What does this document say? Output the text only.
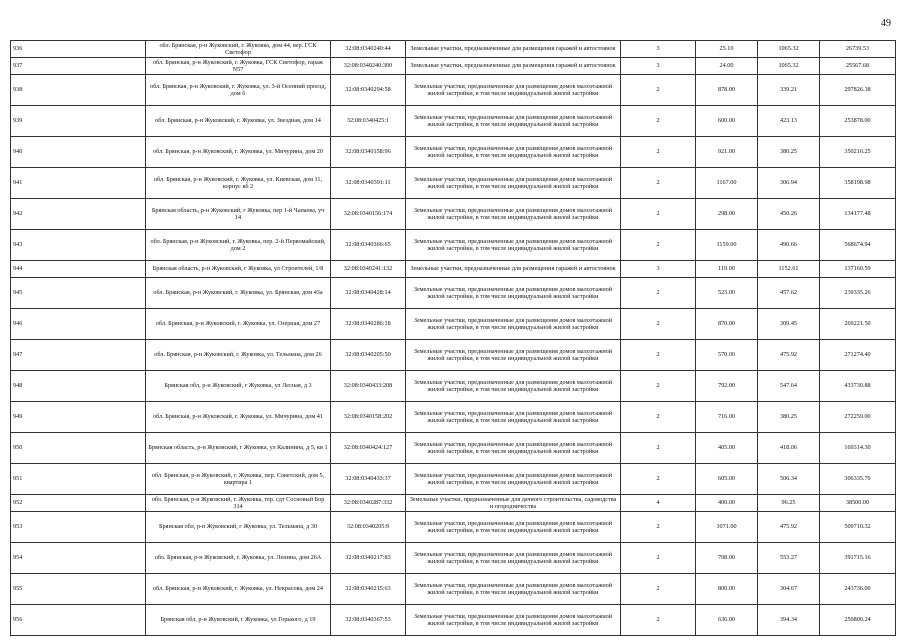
49
936	обл. Брянская, р-н Жуковский, г. Жуковка, дом 44, вер. ГСК Светофор	32:08:0340240:44	Земельные участки, предназначенные для размещения гаражей и автостоянок	3	25.10	1065.32	26739.53
937	обл. Брянская, р-н Жуковский, г. Жуковка, ГСК Светофор, гараж N57	32:08:0340240:300	Земельные участки, предназначенные для размещения гаражей и автостоянок	3	24.00	1065.32	25567.68
938	обл. Брянская, р-н Жуковский, г. Жуковка, ул. 3-й Осенний проезд, дом 6	32:08:0340294:58	Земельные участки, предназначенные для размещения домов малоэтажной жилой застройки, в том числе индивидуальной жилой застройки	2	878.00	339.21	297826.38
939	обл. Брянская, р-н Жуковский, г. Жуковка, ул. Звездная, дом 14	32:08:0340425:1	Земельные участки, предназначенные для размещения домов малоэтажной жилой застройки, в том числе индивидуальной жилой застройки	2	600.00	423.13	253878.00
940	обл. Брянская, р-н Жуковский, г. Жуковка, ул. Мичурина, дом 20	32:08:0340158:96	Земельные участки, предназначенные для размещения домов малоэтажной жилой застройки, в том числе индивидуальной жилой застройки	2	921.00	380.25	350210.25
941	обл. Брянская, р-н Жуковский, г. Жуковка, ул. Киевская, дом 11, корпус кб 2	32:08:0340391:11	Земельные участки, предназначенные для размещения домов малоэтажной жилой застройки, в том числе индивидуальной жилой застройки	2	1167.00	306.94	358198.98
942	Брянская область, р-н Жуковский, г Жуковка, пер 1-й Чапаева, уч 14	32:08:0340156:174	Земельные участки, предназначенные для размещения домов малоэтажной жилой застройки, в том числе индивидуальной жилой застройки	2	298.00	450.26	134177.48
943	обл. Брянская, р-н Жуковский, г. Жуковка, пер. 2-й Первомайский, дом 2	32:08:0340366:65	Земельные участки, предназначенные для размещения домов малоэтажной жилой застройки, в том числе индивидуальной жилой застройки	2	1159.00	490.66	568674.94
944	Брянская область, р-н Жуковский, г Жуковка, ул Строителей, 1/8	32:08:0340241:132	Земельные участки, предназначенные для размещения гаражей и автостоянок	3	119.00	1152.61	137160.59
945	обл. Брянская, р-н Жуковский, г. Жуковка, ул. Брянская, дом 43а	32:08:0340428:14	Земельные участки, предназначенные для размещения домов малоэтажной жилой застройки, в том числе индивидуальной жилой застройки	2	523.00	457.62	239335.26
946	обл. Брянская, р-н Жуковский, г. Жуковка, ул. Озерная, дом 27	32:08:0340286:18	Земельные участки, предназначенные для размещения домов малоэтажной жилой застройки, в том числе индивидуальной жилой застройки	2	870.00	309.45	269221.50
947	обл. Брянская, р-н Жуковский, г. Жуковка, ул. Тельмана, дом 26	32:08:0340205:50	Земельные участки, предназначенные для размещения домов малоэтажной жилой застройки, в том числе индивидуальной жилой застройки	2	570.00	475.92	271274.40
948	Брянская обл, р-н Жуковский, г Жуковка, ул Лесная, д 3	32:08:0340433:208	Земельные участки, предназначенные для размещения домов малоэтажной жилой застройки, в том числе индивидуальной жилой застройки	2	792.00	547.64	433730.88
949	обл. Брянская, р-н Жуковский, г. Жуковка, ул. Мичурина, дом 41	32:08:0340158:202	Земельные участки, предназначенные для размещения домов малоэтажной жилой застройки, в том числе индивидуальной жилой застройки	2	716.00	380.25	272259.00
950	Брянская область, р-н Жуковский, г Жуковка, ул Калинина, д 5, кв 1	32:08:0340424:127	Земельные участки, предназначенные для размещения домов малоэтажной жилой застройки, в том числе индивидуальной жилой застройки	2	405.00	418.06	169314.30
951	обл. Брянская, р-н Жуковский, г. Жуковка, пер. Советский, дом 5, квартира 1	32:08:0340433:37	Земельные участки, предназначенные для размещения домов малоэтажной жилой застройки, в том числе индивидуальной жилой застройки	2	605.00	506.34	306335.70
952	обл. Брянская, р-н Жуковский, г. Жуковка, тер. сдт Сосновый Бор 314	32:08:0340287:332	Земельные участки, предназначенные для дачного строительства, садоводства и огородничества	4	400.00	96.25	38500.00
953	Брянская обл, р-н Жуковский, г Жуковка, ул. Тельмана, д 30	32:08:0340205:9	Земельные участки, предназначенные для размещения домов малоэтажной жилой застройки, в том числе индивидуальной жилой застройки	2	1071.00	475.92	509710.32
954	обл. Брянская, р-н Жуковский, г. Жуковка, ул. Ленина, дом 26А	32:08:0340217:83	Земельные участки, предназначенные для размещения домов малоэтажной жилой застройки, в том числе индивидуальной жилой застройки	2	708.00	553.27	391715.16
955	обл. Брянская, р-н Жуковский, г. Жуковка, ул. Некрасова, дом 24	32:08:0340215:63	Земельные участки, предназначенные для размещения домов малоэтажной жилой застройки, в том числе индивидуальной жилой застройки	2	800.00	304.67	243736.00
956	Брянская обл, р-н Жуковский, г Жуковка, ул Горького, д 19	32:08:0340367:53	Земельные участки, предназначенные для размещения домов малоэтажной жилой застройки, в том числе индивидуальной жилой застройки	2	636.00	394.34	250800.24
